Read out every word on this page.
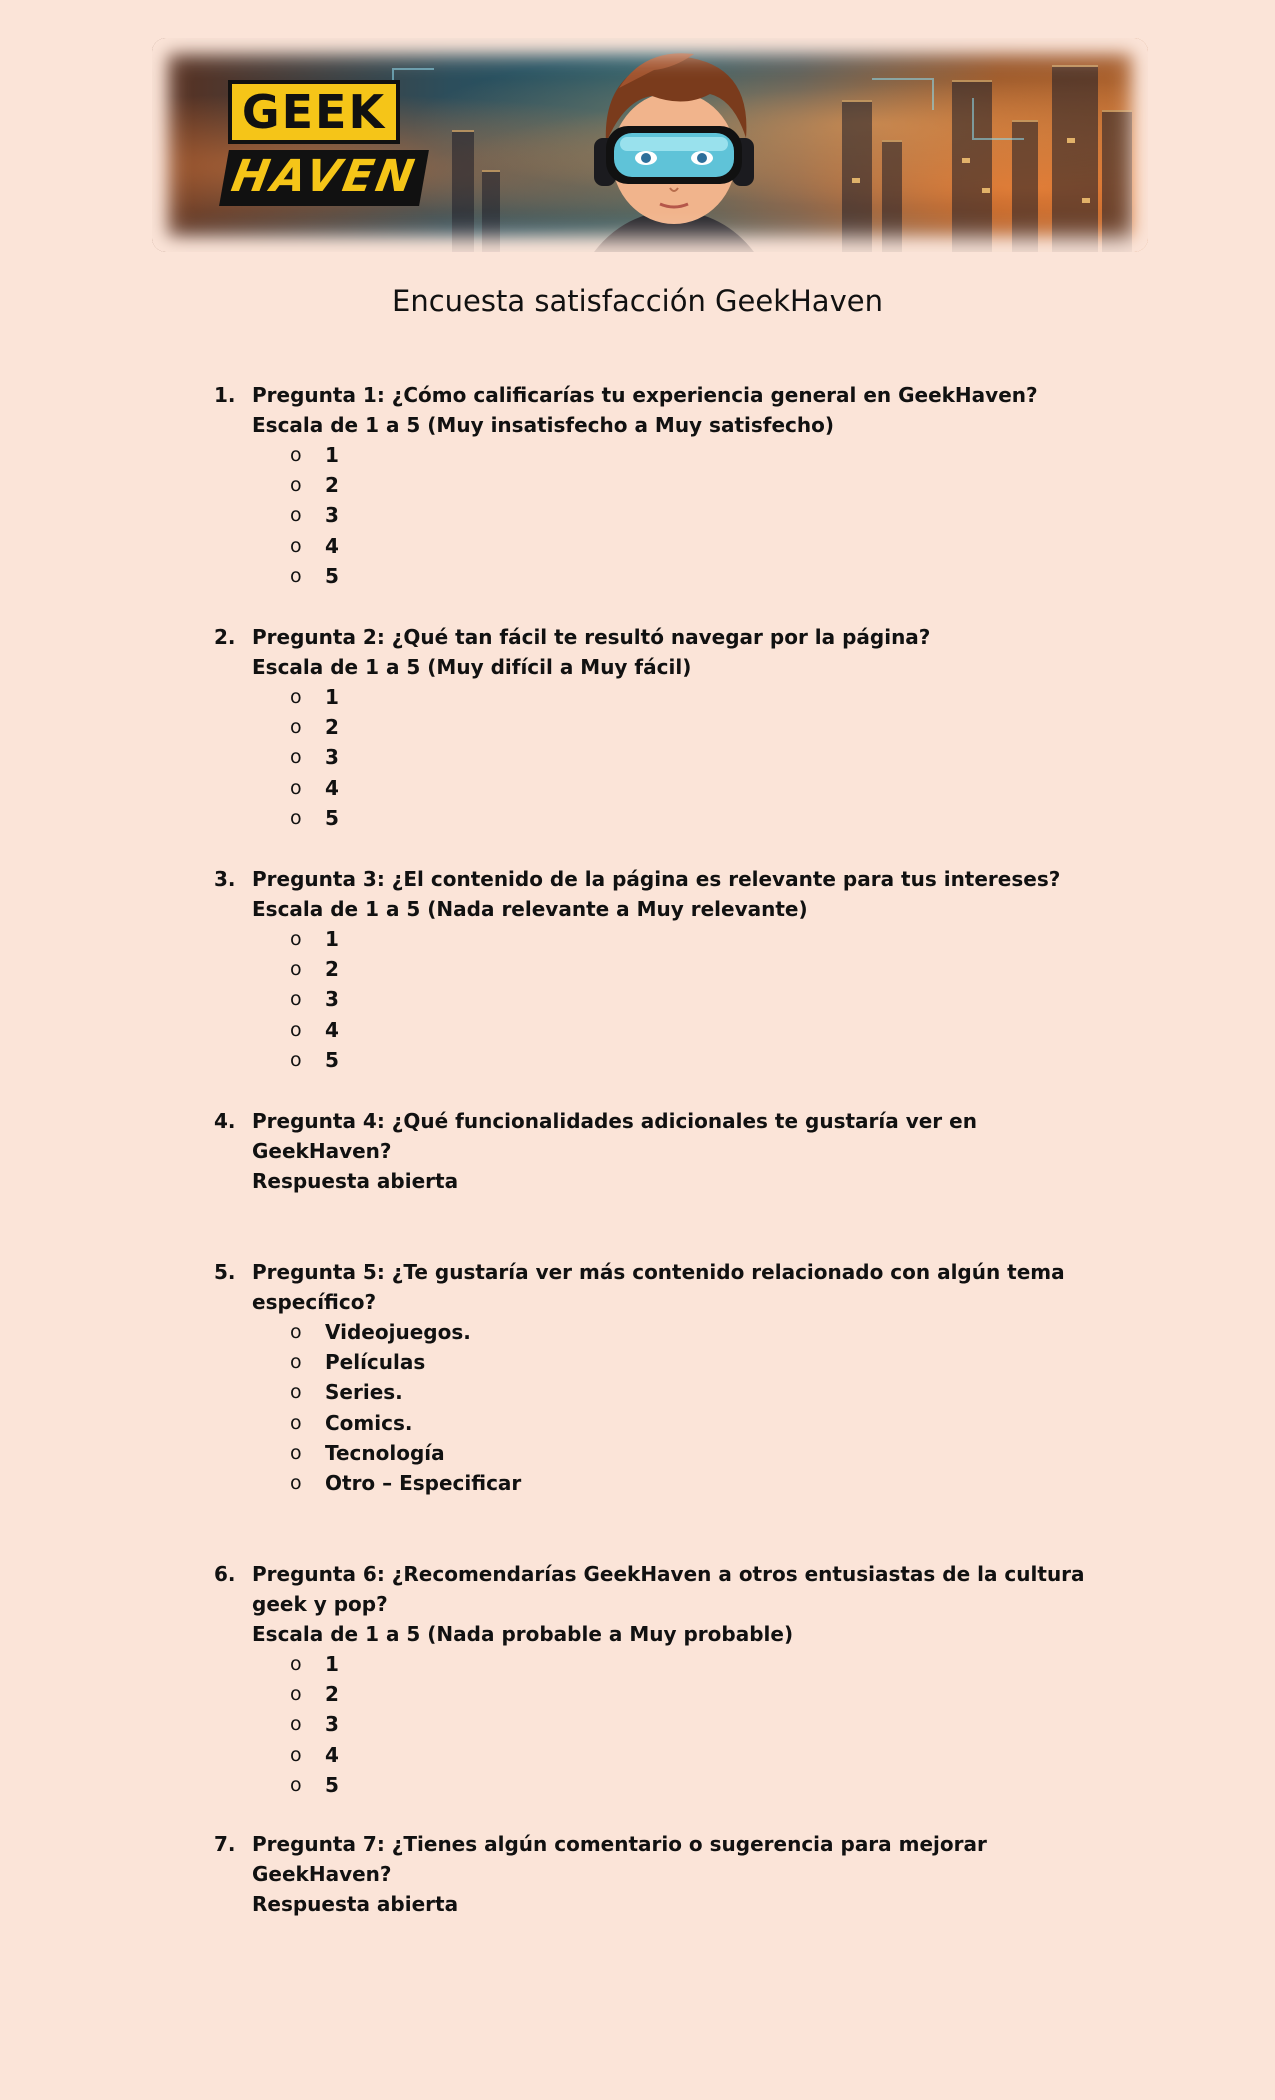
GEEK
HAVEN
Encuesta satisfacción GeekHaven
1. Pregunta 1: ¿Cómo calificarías tu experiencia general en GeekHaven?
Escala de 1 a 5 (Muy insatisfecho a Muy satisfecho)
o 1
o 2
o 3
o 4
o 5
2. Pregunta 2: ¿Qué tan fácil te resultó navegar por la página?
Escala de 1 a 5 (Muy difícil a Muy fácil)
o 1
o 2
o 3
o 4
o 5
3. Pregunta 3: ¿El contenido de la página es relevante para tus intereses?
Escala de 1 a 5 (Nada relevante a Muy relevante)
o 1
o 2
o 3
o 4
o 5
4. Pregunta 4: ¿Qué funcionalidades adicionales te gustaría ver en GeekHaven?
Respuesta abierta
5. Pregunta 5: ¿Te gustaría ver más contenido relacionado con algún tema específico?
o Videojuegos.
o Películas
o Series.
o Comics.
o Tecnología
o Otro – Especificar
6. Pregunta 6: ¿Recomendarías GeekHaven a otros entusiastas de la cultura geek y pop?
Escala de 1 a 5 (Nada probable a Muy probable)
o 1
o 2
o 3
o 4
o 5
7. Pregunta 7: ¿Tienes algún comentario o sugerencia para mejorar GeekHaven?
Respuesta abierta
